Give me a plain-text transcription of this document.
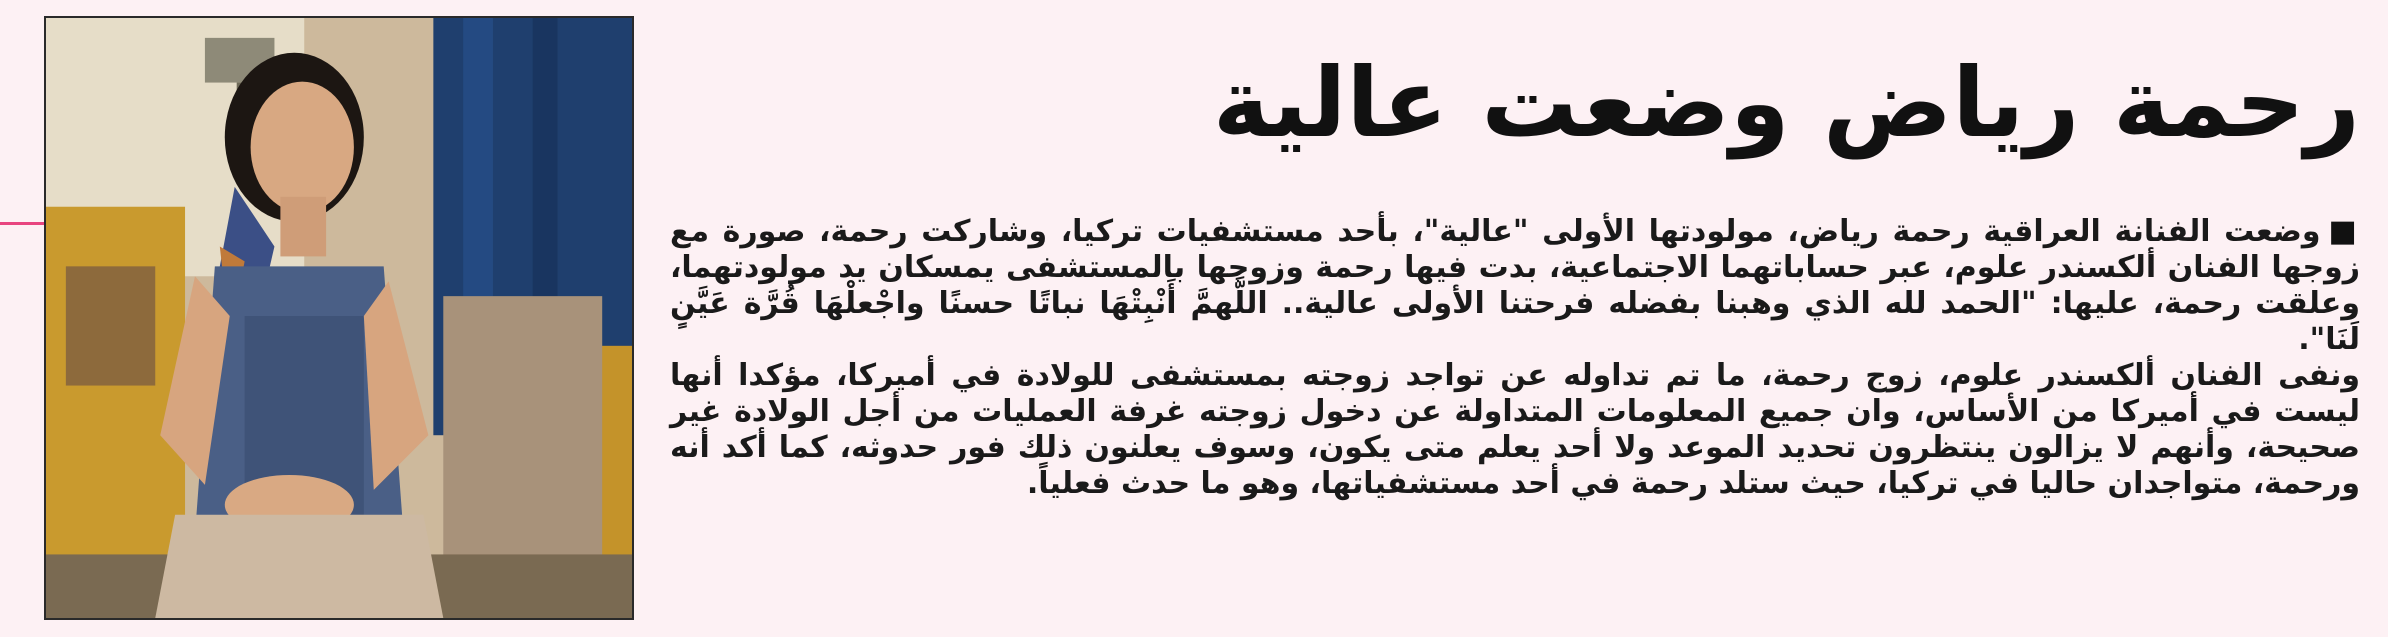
رحمة رياض وضعت عالية
■وضعت الفنانة العراقية رحمة رياض، مولودتها الأولى "عالية"، بأحد مستشفيات تركيا، وشاركت رحمة، صورة مع زوجها الفنان ألكسندر علوم، عبر حساباتهما الاجتماعية، بدت فيها رحمة وزوجها بالمستشفى يمسكان يد مولودتهما، وعلقت رحمة، عليها: "الحمد لله الذي وهبنا بفضله فرحتنا الأولى عالية.. اللَّهمَّ أَنْبِتْهَا نباتًا حسنًا واجْعلْهَا قُرَّة عَيَّنٍ لَنَا".
ونفى الفنان ألكسندر علوم، زوج رحمة، ما تم تداوله عن تواجد زوجته بمستشفى للولادة في أميركا، مؤكدا أنها ليست في أميركا من الأساس، وان جميع المعلومات المتداولة عن دخول زوجته غرفة العمليات من أجل الولادة غير صحيحة، وأنهم لا يزالون ينتظرون تحديد الموعد ولا أحد يعلم متى يكون، وسوف يعلنون ذلك فور حدوثه، كما أكد أنه ورحمة، متواجدان حاليا في تركيا، حيث ستلد رحمة في أحد مستشفياتها، وهو ما حدث فعلياً.
